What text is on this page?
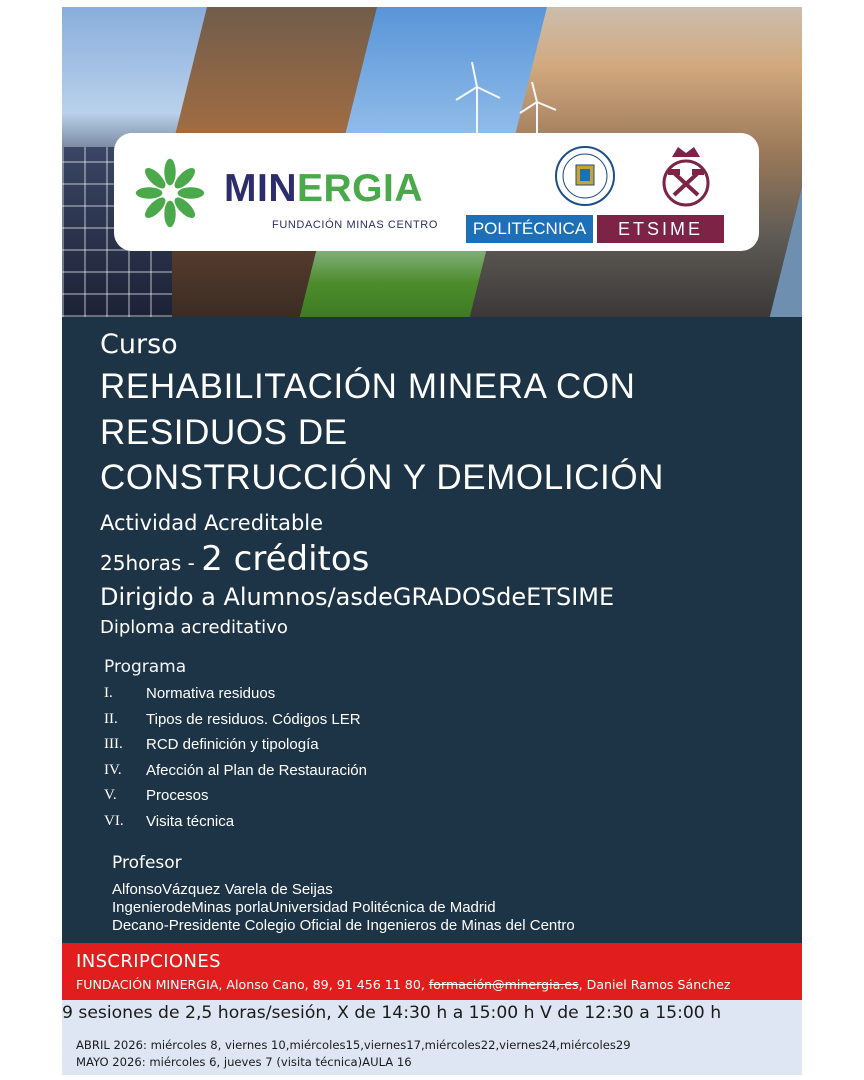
MINERGIA
FUNDACIÓN MINAS CENTRO	POLITÉCNICA	ETSIME
Curso
REHABILITACIÓN MINERA CON
RESIDUOS DE
CONSTRUCCIÓN Y DEMOLICIÓN
Actividad Acreditable
25horas - 2 créditos
Dirigido a Alumnos/asdeGRADOSdeETSIME
Diploma acreditativo
Programa
I.	Normativa residuos
II.	Tipos de residuos. Códigos LER
III.	RCD definición y tipología
IV.	Afección al Plan de Restauración
V.	Procesos
VI.	Visita técnica
Profesor
AlfonsoVázquez Varela de Seijas
IngenierodeMinas porlaUniversidad Politécnica de Madrid
Decano-Presidente Colegio Oficial de Ingenieros de Minas del Centro
INSCRIPCIONES
FUNDACIÓN MINERGIA, Alonso Cano, 89, 91 456 11 80, formación@minergia.es, Daniel Ramos Sánchez
9 sesiones de 2,5 horas/sesión, X de 14:30 h a 15:00 h V de 12:30 a 15:00 h
ABRIL 2026: miércoles 8, viernes 10,miércoles15,viernes17,miércoles22,viernes24,miércoles29
MAYO 2026: miércoles 6, jueves 7 (visita técnica)AULA 16
